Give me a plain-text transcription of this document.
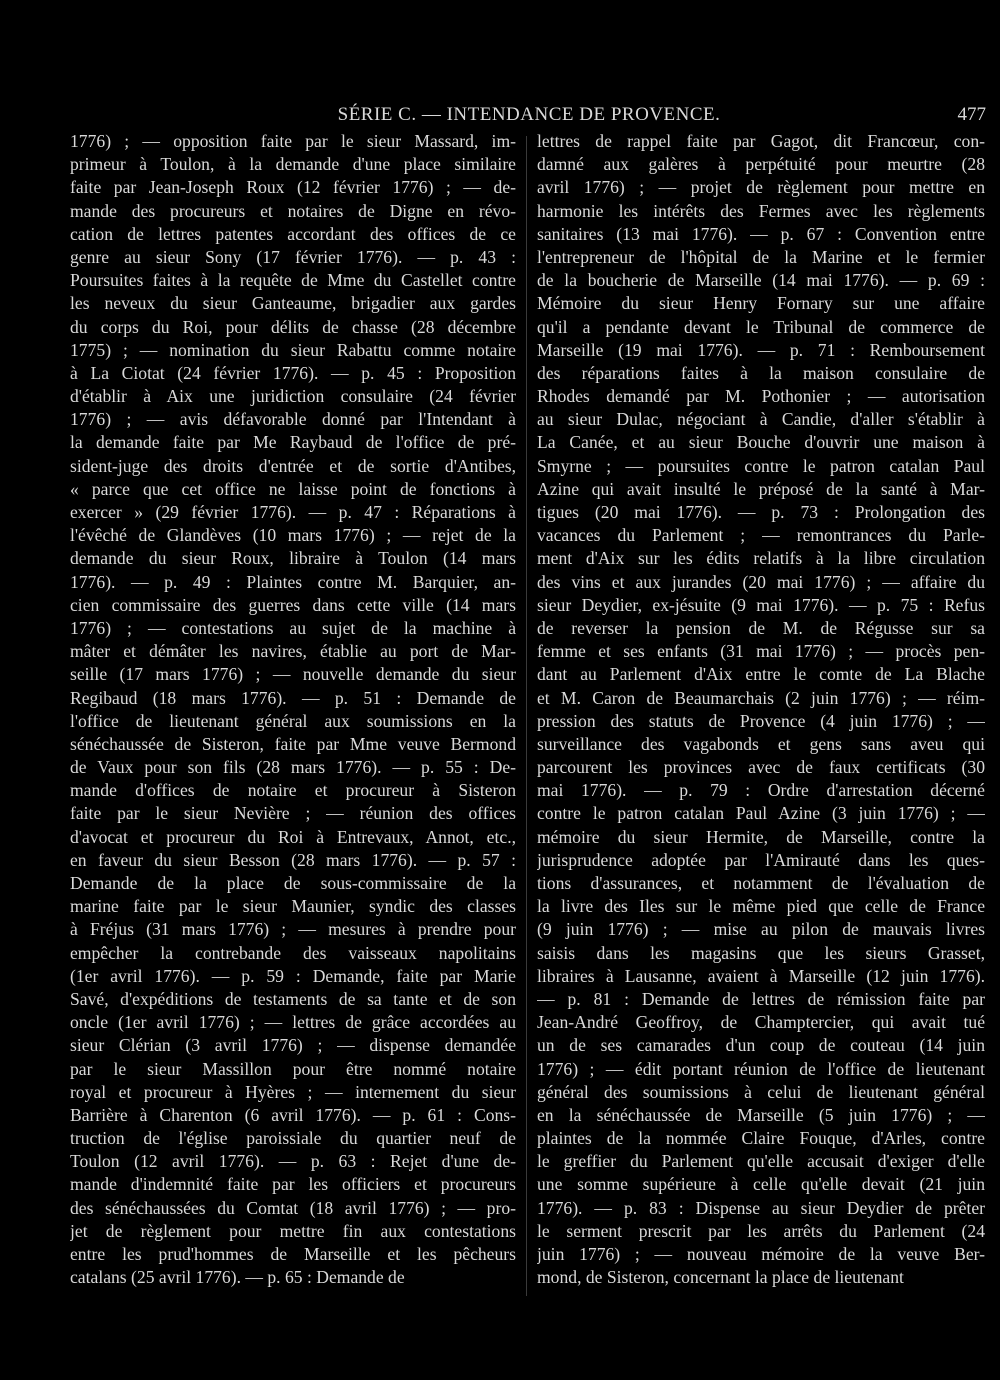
SÉRIE C. — INTENDANCE DE PROVENCE.	477
1776) ; — opposition faite par le sieur Massard, im-
primeur à Toulon, à la demande d'une place similaire
faite par Jean-Joseph Roux (12 février 1776) ; — de-
mande des procureurs et notaires de Digne en révo-
cation de lettres patentes accordant des offices de ce
genre au sieur Sony (17 février 1776). — p. 43 :
Poursuites faites à la requête de Mme du Castellet contre
les neveux du sieur Ganteaume, brigadier aux gardes
du corps du Roi, pour délits de chasse (28 décembre
1775) ; — nomination du sieur Rabattu comme notaire
à La Ciotat (24 février 1776). — p. 45 : Proposition
d'établir à Aix une juridiction consulaire (24 février
1776) ; — avis défavorable donné par l'Intendant à
la demande faite par Me Raybaud de l'office de pré-
sident-juge des droits d'entrée et de sortie d'Antibes,
« parce que cet office ne laisse point de fonctions à
exercer » (29 février 1776). — p. 47 : Réparations à
l'évêché de Glandèves (10 mars 1776) ; — rejet de la
demande du sieur Roux, libraire à Toulon (14 mars
1776). — p. 49 : Plaintes contre M. Barquier, an-
cien commissaire des guerres dans cette ville (14 mars
1776) ; — contestations au sujet de la machine à
mâter et démâter les navires, établie au port de Mar-
seille (17 mars 1776) ; — nouvelle demande du sieur
Regibaud (18 mars 1776). — p. 51 : Demande de
l'office de lieutenant général aux soumissions en la
sénéchaussée de Sisteron, faite par Mme veuve Bermond
de Vaux pour son fils (28 mars 1776). — p. 55 : De-
mande d'offices de notaire et procureur à Sisteron
faite par le sieur Nevière ; — réunion des offices
d'avocat et procureur du Roi à Entrevaux, Annot, etc.,
en faveur du sieur Besson (28 mars 1776). — p. 57 :
Demande de la place de sous-commissaire de la
marine faite par le sieur Maunier, syndic des classes
à Fréjus (31 mars 1776) ; — mesures à prendre pour
empêcher la contrebande des vaisseaux napolitains
(1er avril 1776). — p. 59 : Demande, faite par Marie
Savé, d'expéditions de testaments de sa tante et de son
oncle (1er avril 1776) ; — lettres de grâce accordées au
sieur Clérian (3 avril 1776) ; — dispense demandée
par le sieur Massillon pour être nommé notaire
royal et procureur à Hyères ; — internement du sieur
Barrière à Charenton (6 avril 1776). — p. 61 : Cons-
truction de l'église paroissiale du quartier neuf de
Toulon (12 avril 1776). — p. 63 : Rejet d'une de-
mande d'indemnité faite par les officiers et procureurs
des sénéchaussées du Comtat (18 avril 1776) ; — pro-
jet de règlement pour mettre fin aux contestations
entre les prud'hommes de Marseille et les pêcheurs
catalans (25 avril 1776). — p. 65 : Demande de
lettres de rappel faite par Gagot, dit Francœur, con-
damné aux galères à perpétuité pour meurtre (28
avril 1776) ; — projet de règlement pour mettre en
harmonie les intérêts des Fermes avec les règlements
sanitaires (13 mai 1776). — p. 67 : Convention entre
l'entrepreneur de l'hôpital de la Marine et le fermier
de la boucherie de Marseille (14 mai 1776). — p. 69 :
Mémoire du sieur Henry Fornary sur une affaire
qu'il a pendante devant le Tribunal de commerce de
Marseille (19 mai 1776). — p. 71 : Remboursement
des réparations faites à la maison consulaire de
Rhodes demandé par M. Pothonier ; — autorisation
au sieur Dulac, négociant à Candie, d'aller s'établir à
La Canée, et au sieur Bouche d'ouvrir une maison à
Smyrne ; — poursuites contre le patron catalan Paul
Azine qui avait insulté le préposé de la santé à Mar-
tigues (20 mai 1776). — p. 73 : Prolongation des
vacances du Parlement ; — remontrances du Parle-
ment d'Aix sur les édits relatifs à la libre circulation
des vins et aux jurandes (20 mai 1776) ; — affaire du
sieur Deydier, ex-jésuite (9 mai 1776). — p. 75 : Refus
de reverser la pension de M. de Régusse sur sa
femme et ses enfants (31 mai 1776) ; — procès pen-
dant au Parlement d'Aix entre le comte de La Blache
et M. Caron de Beaumarchais (2 juin 1776) ; — réim-
pression des statuts de Provence (4 juin 1776) ; —
surveillance des vagabonds et gens sans aveu qui
parcourent les provinces avec de faux certificats (30
mai 1776). — p. 79 : Ordre d'arrestation décerné
contre le patron catalan Paul Azine (3 juin 1776) ; —
mémoire du sieur Hermite, de Marseille, contre la
jurisprudence adoptée par l'Amirauté dans les ques-
tions d'assurances, et notamment de l'évaluation de
la livre des Iles sur le même pied que celle de France
(9 juin 1776) ; — mise au pilon de mauvais livres
saisis dans les magasins que les sieurs Grasset,
libraires à Lausanne, avaient à Marseille (12 juin 1776).
— p. 81 : Demande de lettres de rémission faite par
Jean-André Geoffroy, de Champtercier, qui avait tué
un de ses camarades d'un coup de couteau (14 juin
1776) ; — édit portant réunion de l'office de lieutenant
général des soumissions à celui de lieutenant général
en la sénéchaussée de Marseille (5 juin 1776) ; —
plaintes de la nommée Claire Fouque, d'Arles, contre
le greffier du Parlement qu'elle accusait d'exiger d'elle
une somme supérieure à celle qu'elle devait (21 juin
1776). — p. 83 : Dispense au sieur Deydier de prêter
le serment prescrit par les arrêts du Parlement (24
juin 1776) ; — nouveau mémoire de la veuve Ber-
mond, de Sisteron, concernant la place de lieutenant
